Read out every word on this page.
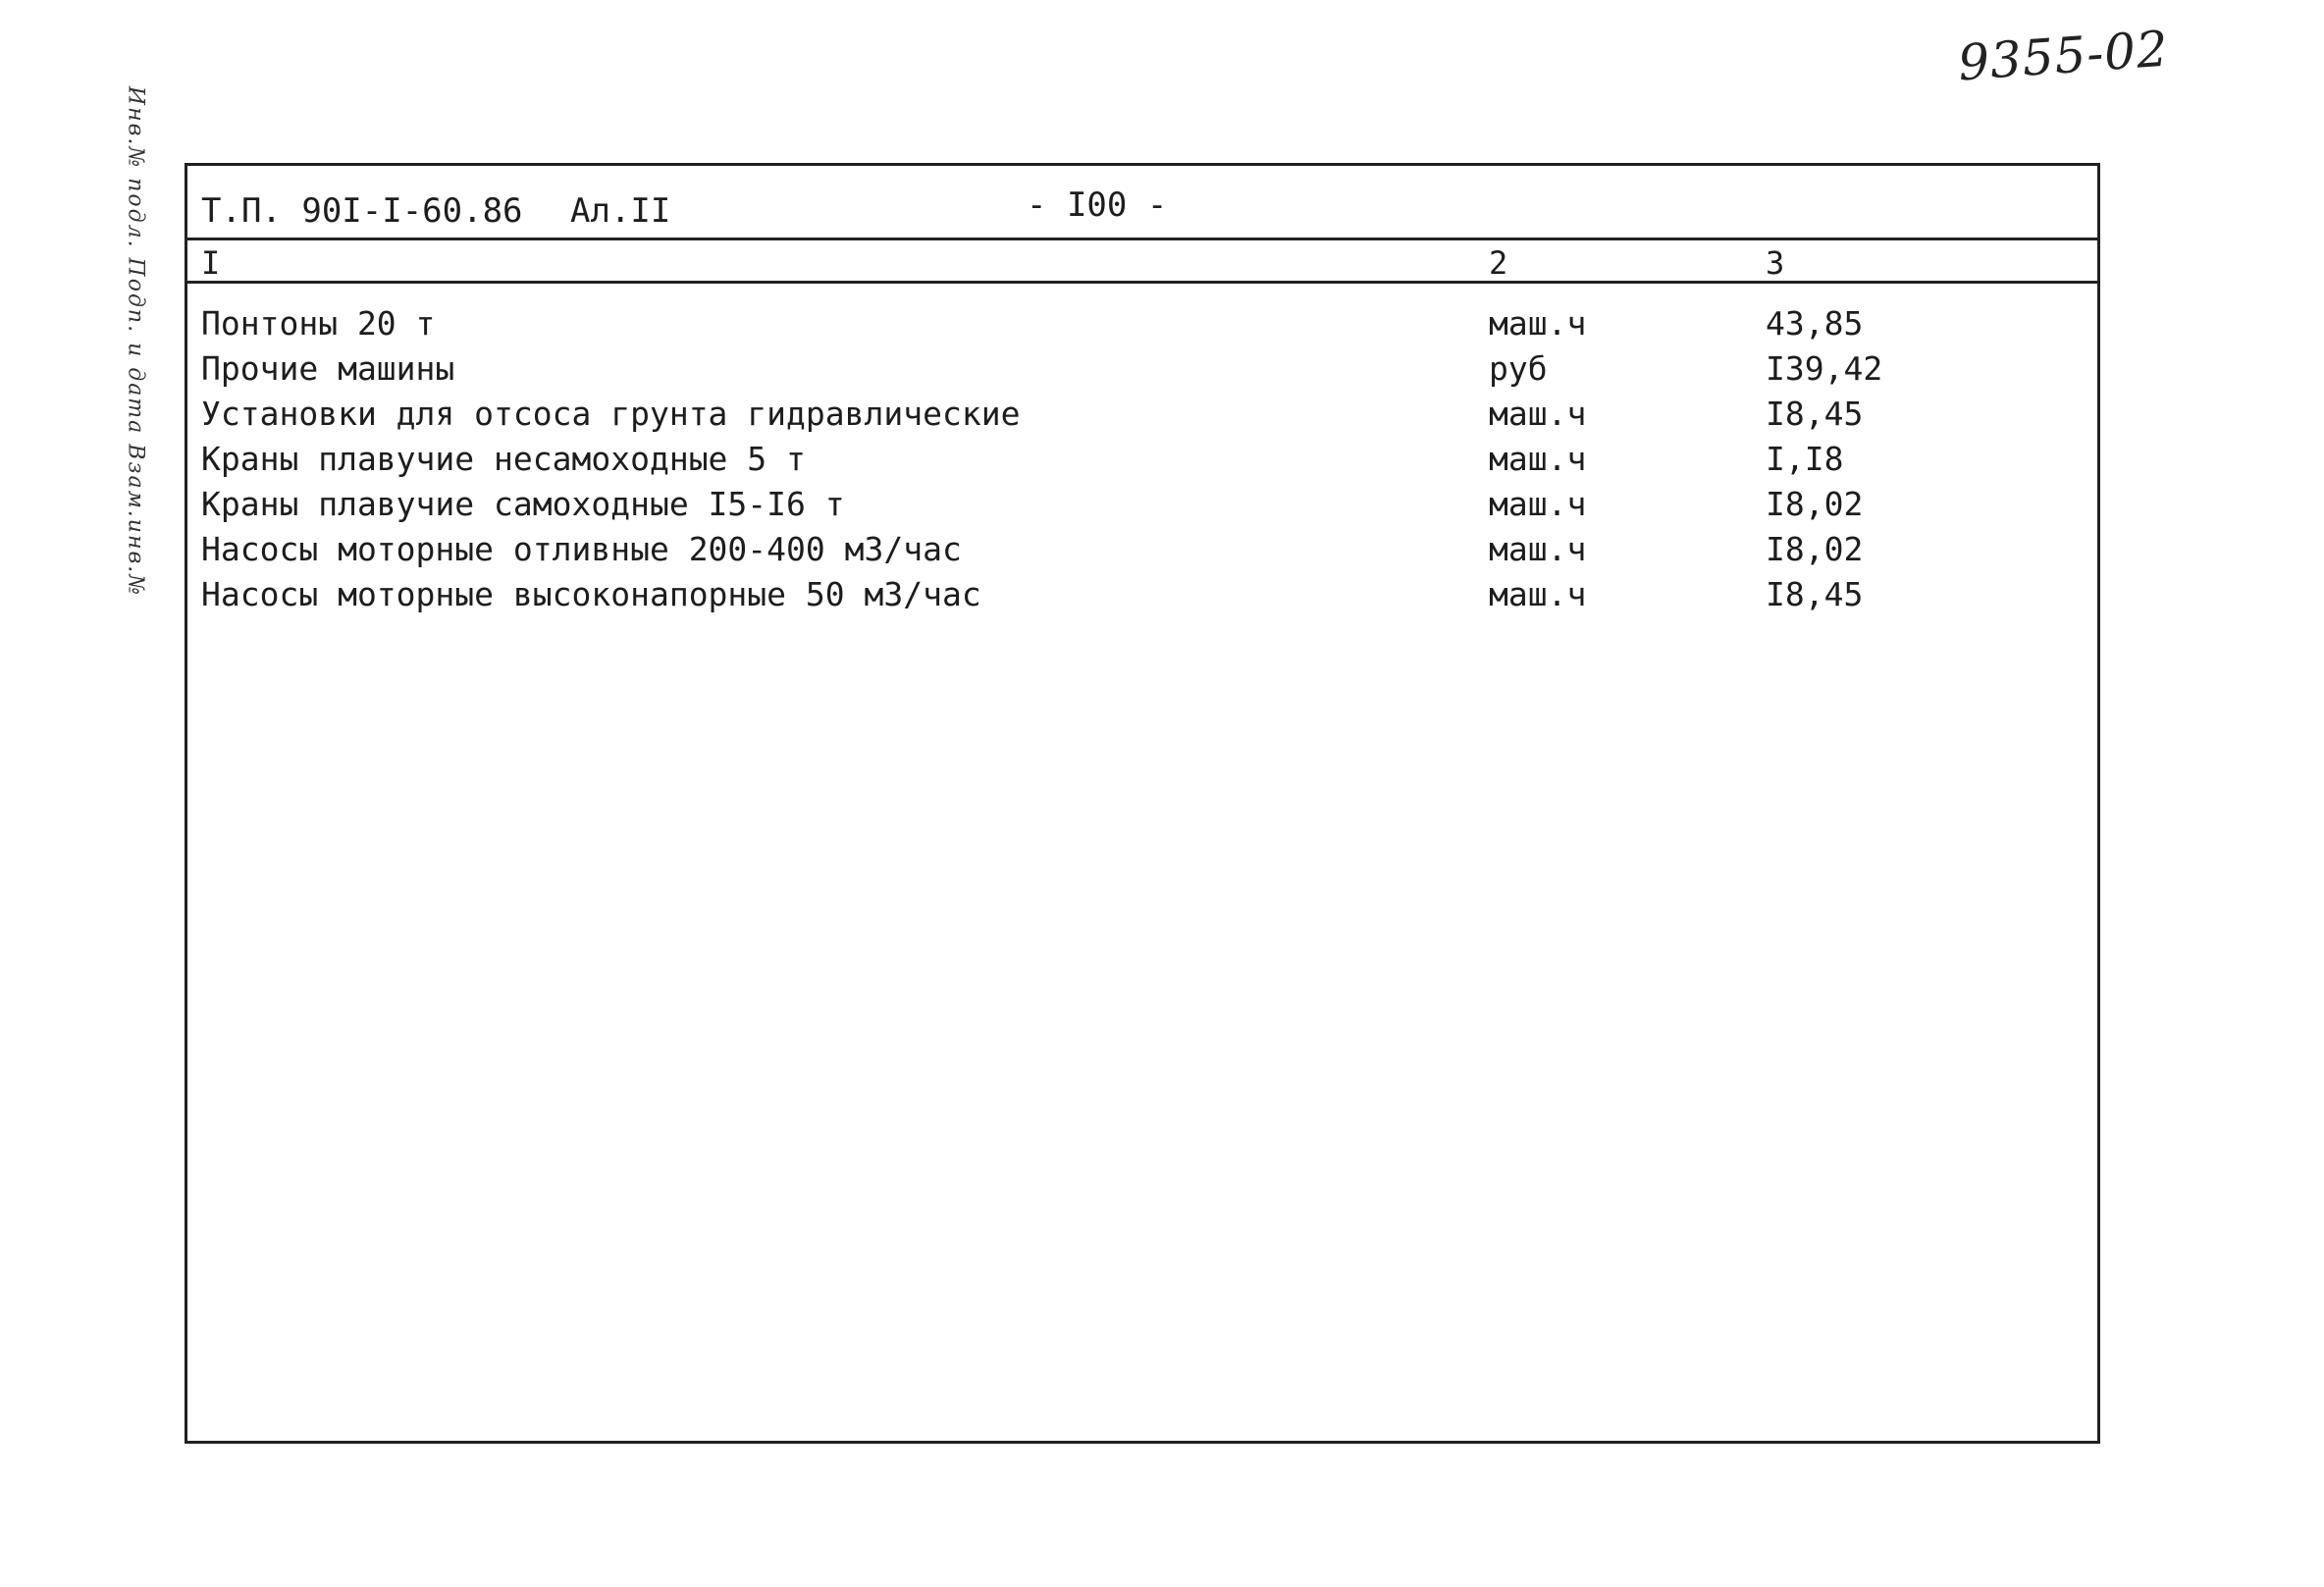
9355-02
Инв.№ подл. Подп. и дата Взам.инв.№ Т.П. 90I-I-60.86 Ал.II	- I00 -
I	2	3
Понтоны 20 т	маш.ч	43,85
Прочие машины	руб	I39,42
Установки для отсоса грунта гидравлические	маш.ч	I8,45
Краны плавучие несамоходные 5 т	маш.ч	I,I8
Краны плавучие самоходные I5-I6 т	маш.ч	I8,02
Насосы моторные отливные 200-400 м3/час	маш.ч	I8,02
Насосы моторные высоконапорные 50 м3/час	маш.ч	I8,45
